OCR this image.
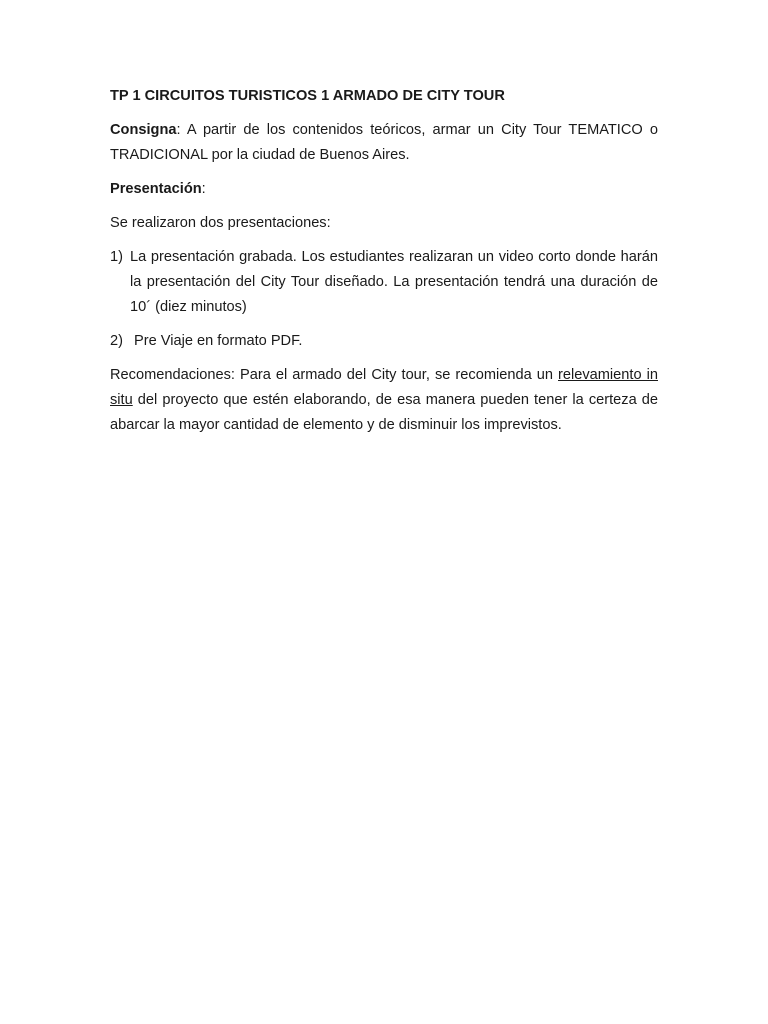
TP 1 CIRCUITOS TURISTICOS 1 ARMADO DE CITY TOUR

Consigna: A partir de los contenidos teóricos, armar un City Tour TEMATICO o TRADICIONAL por la ciudad de Buenos Aires.

Presentación:

Se realizaron dos presentaciones:

1) La presentación grabada. Los estudiantes realizaran un video corto donde harán la presentación del City Tour diseñado. La presentación tendrá una duración de 10´ (diez minutos)
2) Pre Viaje en formato PDF.

Recomendaciones: Para el armado del City tour, se recomienda un relevamiento in situ del proyecto que estén elaborando, de esa manera pueden tener la certeza de abarcar la mayor cantidad de elemento y de disminuir los imprevistos.
